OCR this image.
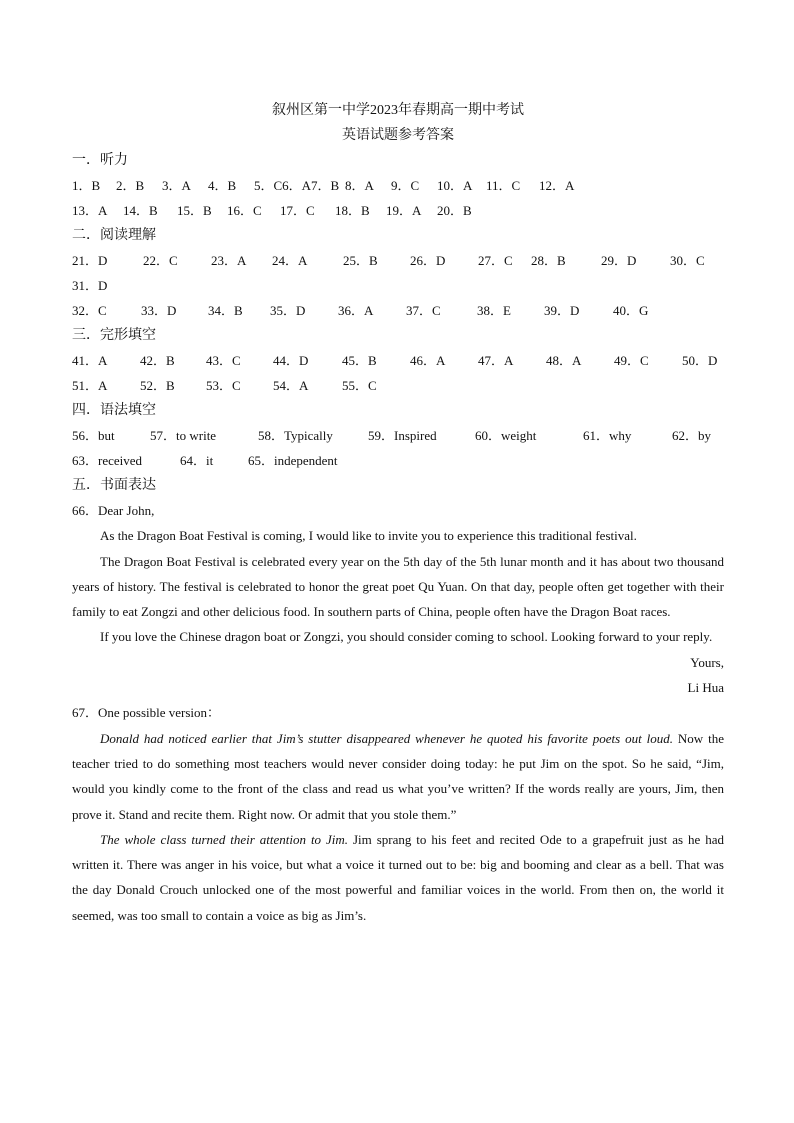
叙州区第一中学2023年春期高一期中考试
英语试题参考答案
一．听力
1．B 2．B 3．A 4．B 5．C6．A 7．B 8．A 9．C 10．A 11．C 12．A
13．A 14．B 15．B 16．C 17．C 18．B 19．A 20．B
二．阅读理解
21．D	22．C	23．A 24．A	25．B 26．D	27．C 28．B	29．D	30．C
31．D
32．C	33．D 34．B 35．D	36．A	37．C	38．E	39．D	40．G
三．完形填空
41．A	42．B 43．C 44．D	45．B	46．A	47．A	48．A	49．C	50．D
51．A	52．B 53．C 54．A	55．C
四．语法填空
56．but	57．to write	58．Typically	59．Inspired	60．weight	61．why	62．by
63．received	64．it	65．independent
五．书面表达
66．Dear John,
As the Dragon Boat Festival is coming, I would like to invite you to experience this traditional festival.
The Dragon Boat Festival is celebrated every year on the 5th day of the 5th lunar month and it has about two thousand years of history. The festival is celebrated to honor the great poet Qu Yuan. On that day, people often get together with their family to eat Zongzi and other delicious food. In southern parts of China, people often have the Dragon Boat races.
If you love the Chinese dragon boat or Zongzi, you should consider coming to school. Looking forward to your reply.
Yours,
Li Hua
67．One possible version：
Donald had noticed earlier that Jim’s stutter disappeared whenever he quoted his favorite poets out loud. Now the teacher tried to do something most teachers would never consider doing today: he put Jim on the spot. So he said, “Jim, would you kindly come to the front of the class and read us what you’ve written? If the words really are yours, Jim, then prove it. Stand and recite them. Right now. Or admit that you stole them.”
The whole class turned their attention to Jim. Jim sprang to his feet and recited Ode to a grapefruit just as he had written it. There was anger in his voice, but what a voice it turned out to be: big and booming and clear as a bell. That was the day Donald Crouch unlocked one of the most powerful and familiar voices in the world. From then on, the world it seemed, was too small to contain a voice as big as Jim’s.
